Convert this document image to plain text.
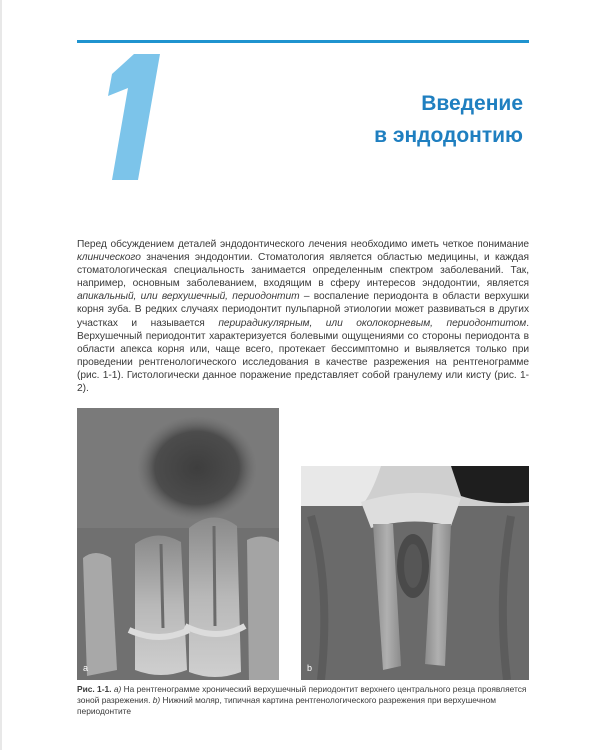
Введение
в эндодонтию
Перед обсуждением деталей эндодонтического лечения необходимо иметь четкое понимание клинического значения эндодонтии. Стоматология является областью медицины, и каждая стоматологическая специальность занимается определенным спектром заболеваний. Так, например, основным заболеванием, входящим в сферу интересов эндодонтии, является апикальный, или верхушечный, периодонтит – воспаление периодонта в области верхушки корня зуба. В редких случаях периодонтит пульпарной этиологии может развиваться в других участках и называется перирадикулярным, или околокорневым, периодонтитом. Верхушечный периодонтит характеризуется болевыми ощущениями со стороны периодонта в области апекса корня или, чаще всего, протекает бессимптомно и выявляется только при проведении рентгенологического исследования в качестве разрежения на рентгенограмме (рис. 1-1). Гистологически данное поражение представляет собой гранулему или кисту (рис. 1-2).
a	b
Рис. 1-1. a) На рентгенограмме хронический верхушечный периодонтит верхнего центрального резца проявляется зоной разрежения. b) Нижний моляр, типичная картина рентгенологического разрежения при верхушечном периодонтите
